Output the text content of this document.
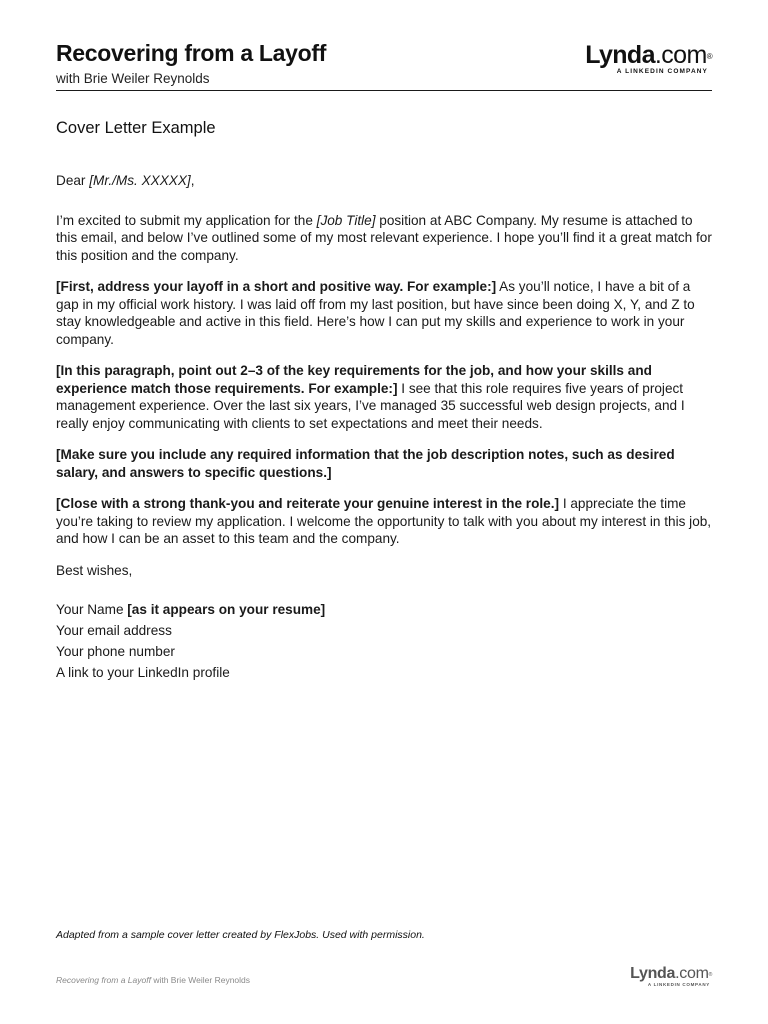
Recovering from a Layoff
with Brie Weiler Reynolds
Lynda.com®
A LINKEDIN COMPANY
Cover Letter Example

Dear [Mr./Ms. XXXXX],

I’m excited to submit my application for the [Job Title] position at ABC Company. My resume is attached to this email, and below I’ve outlined some of my most relevant experience. I hope you’ll find it a great match for this position and the company.

[First, address your layoff in a short and positive way. For example:] As you’ll notice, I have a bit of a gap in my official work history. I was laid off from my last position, but have since been doing X, Y, and Z to stay knowledgeable and active in this field. Here’s how I can put my skills and experience to work in your company.

[In this paragraph, point out 2–3 of the key requirements for the job, and how your skills and experience match those requirements. For example:] I see that this role requires five years of project management experience. Over the last six years, I’ve managed 35 successful web design projects, and I really enjoy communicating with clients to set expectations and meet their needs.

[Make sure you include any required information that the job description notes, such as desired salary, and answers to specific questions.]

[Close with a strong thank-you and reiterate your genuine interest in the role.] I appreciate the time you’re taking to review my application. I welcome the opportunity to talk with you about my interest in this job, and how I can be an asset to this team and the company.

Best wishes,

Your Name [as it appears on your resume]
Your email address
Your phone number
A link to your LinkedIn profile
Adapted from a sample cover letter created by FlexJobs. Used with permission.
Recovering from a Layoff with Brie Weiler Reynolds	Lynda.com®
A LINKEDIN COMPANY
